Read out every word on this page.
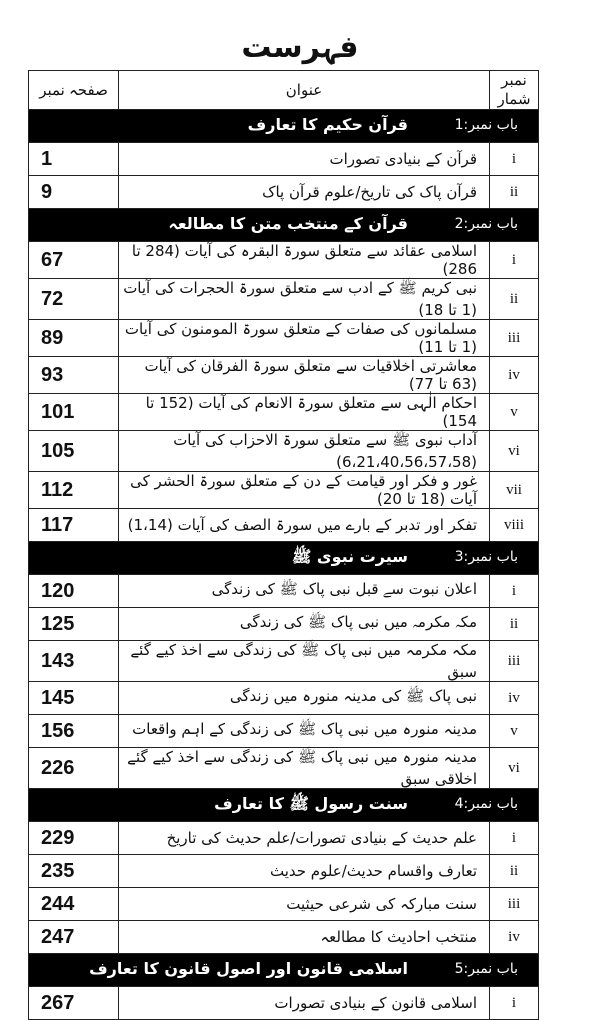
فہرست
صفحہ نمبر	عنوان	نمبر شمار

باب نمبر:1
قرآن حکیم کا تعارف		

1	قرآن کے بنیادی تصورات	i
9	قرآن پاک کی تاریخ/علوم قرآن پاک	ii

باب نمبر:2
قرآن کے منتخب متن کا مطالعہ		

67	اسلامی عقائد سے متعلق سورۃ البقرہ کی آیات (284 تا 286)	i
72	نبی کریم ﷺ کے ادب سے متعلق سورۃ الحجرات کی آیات (1 تا 18)	ii
89	مسلمانوں کی صفات کے متعلق سورۃ المومنون کی آیات (1 تا 11)	iii
93	معاشرتی اخلاقیات سے متعلق سورۃ الفرقان کی آیات (63 تا 77)	iv
101	احکام الٰہی سے متعلق سورۃ الانعام کی آیات (152 تا 154)	v
105	آداب نبوی ﷺ سے متعلق سورۃ الاحزاب کی آیات (6،21،40،56،57،58)	vi
112	غور و فکر اور قیامت کے دن کے متعلق سورۃ الحشر کی آیات (18 تا 20)	vii
117	تفکر اور تدبر کے بارے میں سورۃ الصف کی آیات (1،14)	viii

باب نمبر:3
سیرت نبوی ﷺ		

120	اعلان نبوت سے قبل نبی پاک ﷺ کی زندگی	i
125	مکہ مکرمہ میں نبی پاک ﷺ کی زندگی	ii
143	مکہ مکرمہ میں نبی پاک ﷺ کی زندگی سے اخذ کیے گئے سبق	iii
145	نبی پاک ﷺ کی مدینہ منورہ میں زندگی	iv
156	مدینہ منورہ میں نبی پاک ﷺ کی زندگی کے اہم واقعات	v
226	مدینہ منورہ میں نبی پاک ﷺ کی زندگی سے اخذ کیے گئے اخلاقی سبق	vi

باب نمبر:4
سنت رسول ﷺ کا تعارف		

229	علم حدیث کے بنیادی تصورات/علم حدیث کی تاریخ	i
235	تعارف واقسام حدیث/علوم حدیث	ii
244	سنت مبارکہ کی شرعی حیثیت	iii
247	منتخب احادیث کا مطالعہ	iv

باب نمبر:5
اسلامی قانون اور اصول قانون کا تعارف		

267	اسلامی قانون کے بنیادی تصورات	i
